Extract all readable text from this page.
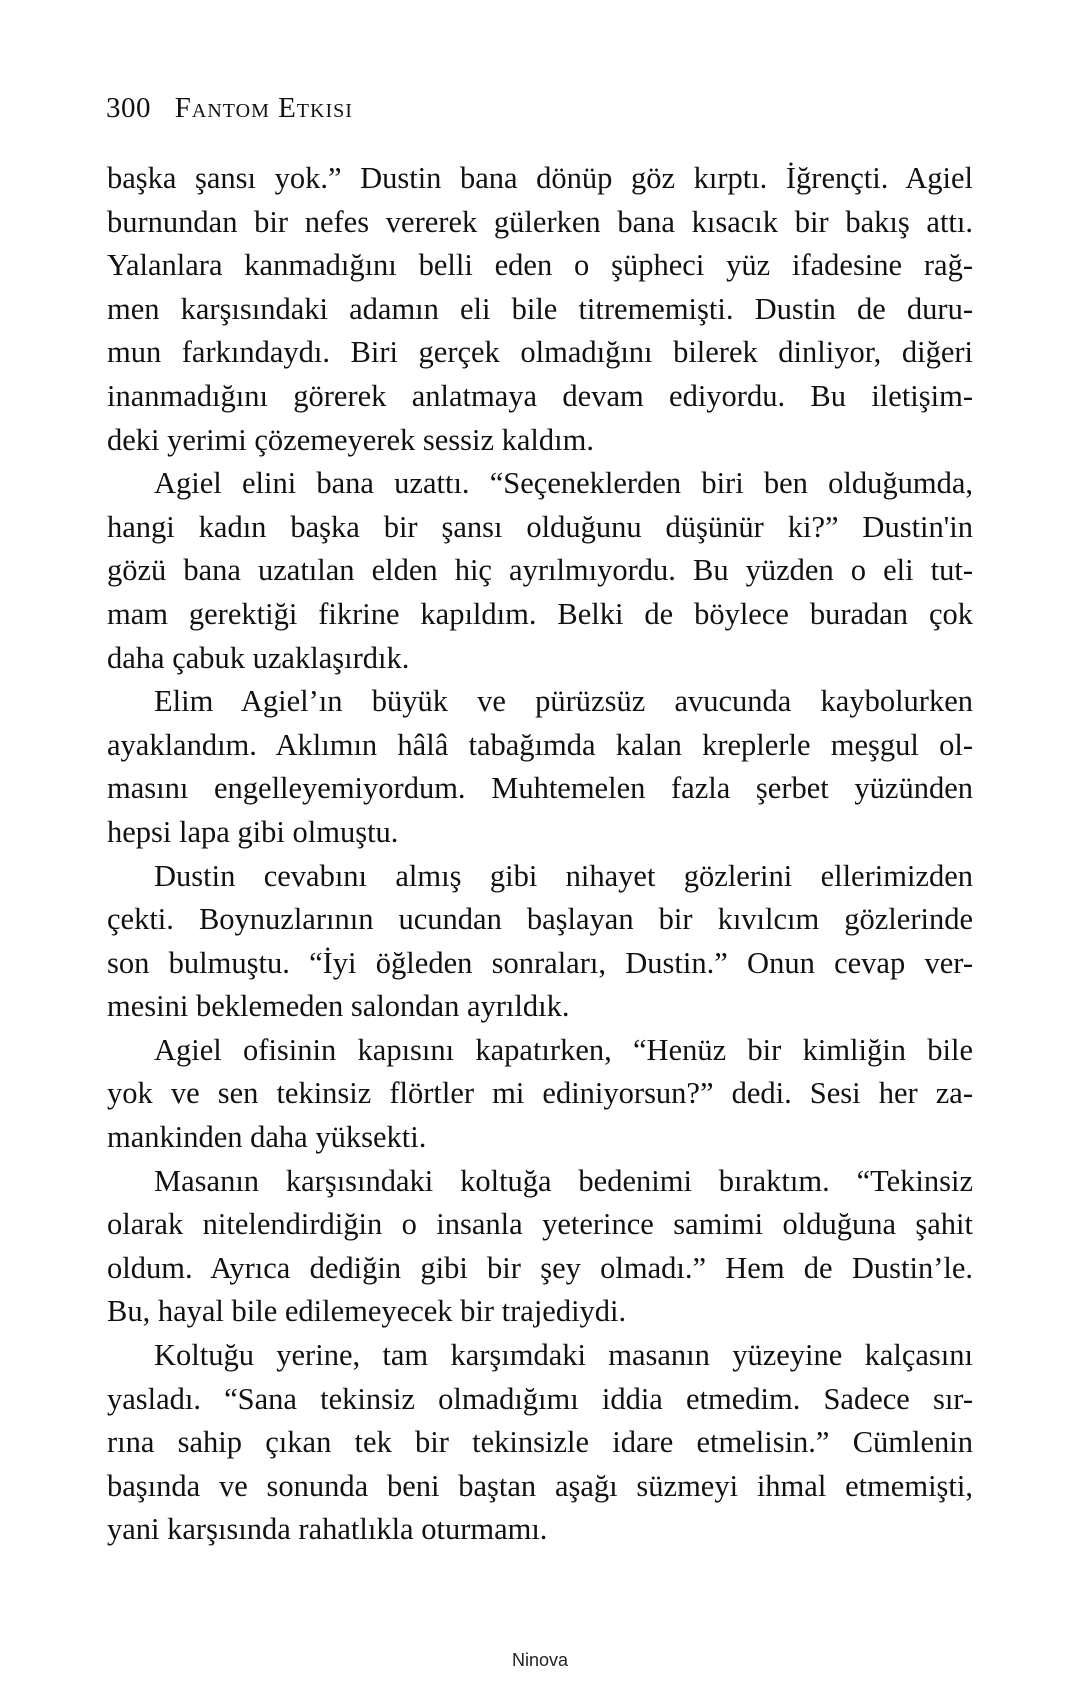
300 Fantom Etkisi
başka şansı yok.” Dustin bana dönüp göz kırptı. İğrençti. Agiel
burnundan bir nefes vererek gülerken bana kısacık bir bakış attı.
Yalanlara kanmadığını belli eden o şüpheci yüz ifadesine rağ-
men karşısındaki adamın eli bile titrememişti. Dustin de duru-
mun farkındaydı. Biri gerçek olmadığını bilerek dinliyor, diğeri
inanmadığını görerek anlatmaya devam ediyordu. Bu iletişim-
deki yerimi çözemeyerek sessiz kaldım.
Agiel elini bana uzattı. “Seçeneklerden biri ben olduğumda,
hangi kadın başka bir şansı olduğunu düşünür ki?” Dustin'in
gözü bana uzatılan elden hiç ayrılmıyordu. Bu yüzden o eli tut-
mam gerektiği fikrine kapıldım. Belki de böylece buradan çok
daha çabuk uzaklaşırdık.
Elim Agiel’ın büyük ve pürüzsüz avucunda kaybolurken
ayaklandım. Aklımın hâlâ tabağımda kalan kreplerle meşgul ol-
masını engelleyemiyordum. Muhtemelen fazla şerbet yüzünden
hepsi lapa gibi olmuştu.
Dustin cevabını almış gibi nihayet gözlerini ellerimizden
çekti. Boynuzlarının ucundan başlayan bir kıvılcım gözlerinde
son bulmuştu. “İyi öğleden sonraları, Dustin.” Onun cevap ver-
mesini beklemeden salondan ayrıldık.
Agiel ofisinin kapısını kapatırken, “Henüz bir kimliğin bile
yok ve sen tekinsiz flörtler mi ediniyorsun?” dedi. Sesi her za-
mankinden daha yüksekti.
Masanın karşısındaki koltuğa bedenimi bıraktım. “Tekinsiz
olarak nitelendirdiğin o insanla yeterince samimi olduğuna şahit
oldum. Ayrıca dediğin gibi bir şey olmadı.” Hem de Dustin’le.
Bu, hayal bile edilemeyecek bir trajediydi.
Koltuğu yerine, tam karşımdaki masanın yüzeyine kalçasını
yasladı. “Sana tekinsiz olmadığımı iddia etmedim. Sadece sır-
rına sahip çıkan tek bir tekinsizle idare etmelisin.” Cümlenin
başında ve sonunda beni baştan aşağı süzmeyi ihmal etmemişti,
yani karşısında rahatlıkla oturmamı.
Ninova
